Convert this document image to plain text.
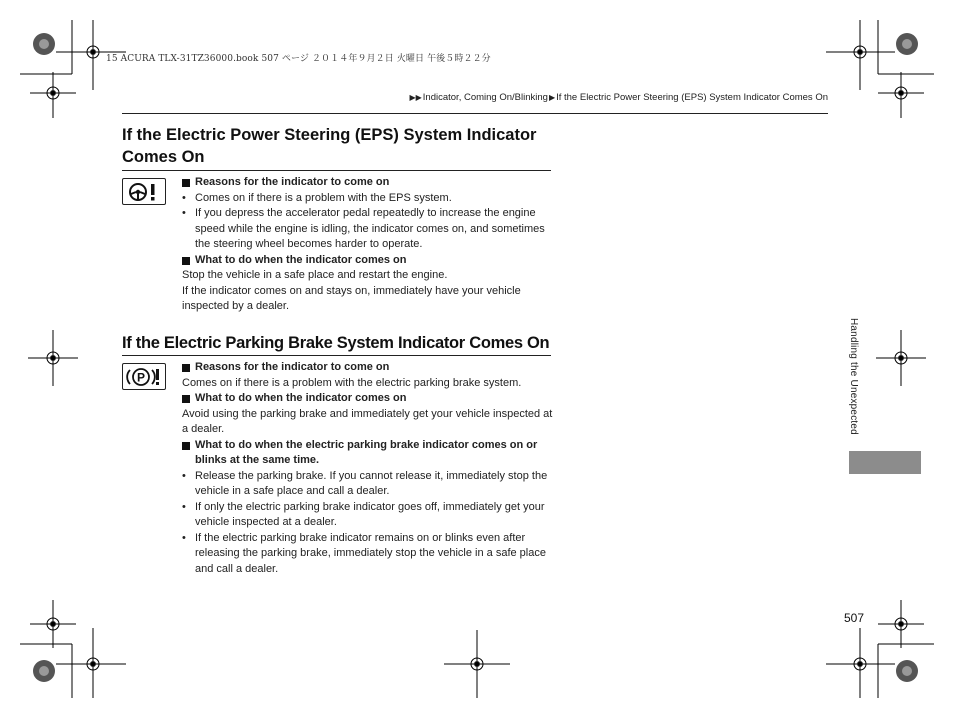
15 ACURA TLX-31TZ36000.book 507 ページ ２０１４年９月２日 火曜日 午後５時２２分
▶▶Indicator, Coming On/Blinking▶If the Electric Power Steering (EPS) System Indicator Comes On
If the Electric Power Steering (EPS) System Indicator Comes On

Reasons for the indicator to come on

• Comes on if there is a problem with the EPS system.

• If you depress the accelerator pedal repeatedly to increase the engine speed while the engine is idling, the indicator comes on, and sometimes the steering wheel becomes harder to operate.

What to do when the indicator comes on

Stop the vehicle in a safe place and restart the engine.

If the indicator comes on and stays on, immediately have your vehicle inspected by a dealer.

If the Electric Parking Brake System Indicator Comes On
P

Reasons for the indicator to come on

Comes on if there is a problem with the electric parking brake system.

What to do when the indicator comes on

Avoid using the parking brake and immediately get your vehicle inspected at a dealer.

What to do when the electric parking brake indicator comes on or blinks at the same time.

• Release the parking brake. If you cannot release it, immediately stop the vehicle in a safe place and call a dealer.

• If only the electric parking brake indicator goes off, immediately get your vehicle inspected at a dealer.

• If the electric parking brake indicator remains on or blinks even after releasing the parking brake, immediately stop the vehicle in a safe place and call a dealer.

Handling the Unexpected
507
